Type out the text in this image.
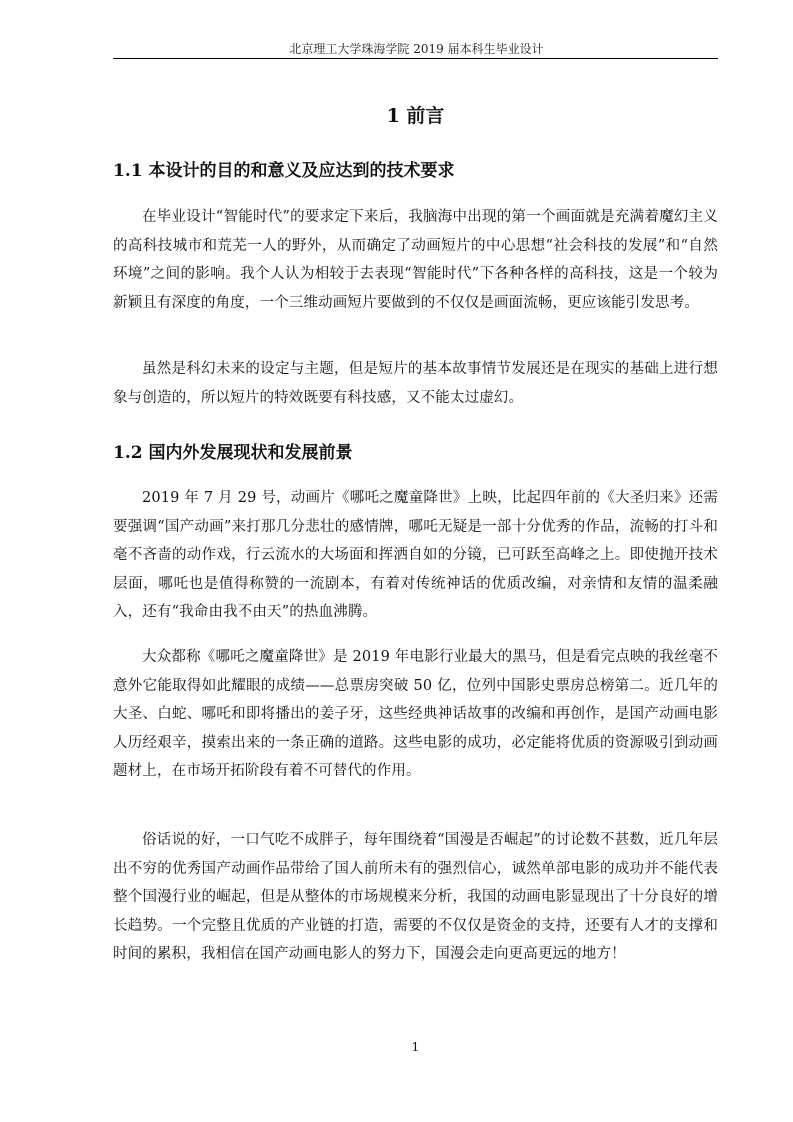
北京理工大学珠海学院 2019 届本科生毕业设计
1 前言
1.1 本设计的目的和意义及应达到的技术要求

在毕业设计“智能时代”的要求定下来后，我脑海中出现的第一个画面就是充满着魔幻主义的高科技城市和荒芜一人的野外，从而确定了动画短片的中心思想“社会科技的发展”和“自然环境”之间的影响。我个人认为相较于去表现“智能时代”下各种各样的高科技，这是一个较为新颖且有深度的角度，一个三维动画短片要做到的不仅仅是画面流畅，更应该能引发思考。

虽然是科幻未来的设定与主题，但是短片的基本故事情节发展还是在现实的基础上进行想象与创造的，所以短片的特效既要有科技感，又不能太过虚幻。

1.2 国内外发展现状和发展前景

2019 年 7 月 29 号，动画片《哪吒之魔童降世》上映，比起四年前的《大圣归来》还需要强调“国产动画”来打那几分悲壮的感情牌，哪吒无疑是一部十分优秀的作品，流畅的打斗和毫不吝啬的动作戏，行云流水的大场面和挥洒自如的分镜，已可跃至高峰之上。即使抛开技术层面，哪吒也是值得称赞的一流剧本，有着对传统神话的优质改编，对亲情和友情的温柔融入，还有“我命由我不由天”的热血沸腾。

大众都称《哪吒之魔童降世》是 2019 年电影行业最大的黑马，但是看完点映的我丝毫不意外它能取得如此耀眼的成绩——总票房突破 50 亿，位列中国影史票房总榜第二。近几年的大圣、白蛇、哪吒和即将播出的姜子牙，这些经典神话故事的改编和再创作，是国产动画电影人历经艰辛，摸索出来的一条正确的道路。这些电影的成功，必定能将优质的资源吸引到动画题材上，在市场开拓阶段有着不可替代的作用。

俗话说的好，一口气吃不成胖子，每年围绕着“国漫是否崛起”的讨论数不甚数，近几年层出不穷的优秀国产动画作品带给了国人前所未有的强烈信心，诚然单部电影的成功并不能代表整个国漫行业的崛起，但是从整体的市场规模来分析，我国的动画电影显现出了十分良好的增长趋势。一个完整且优质的产业链的打造，需要的不仅仅是资金的支持，还要有人才的支撑和时间的累积，我相信在国产动画电影人的努力下，国漫会走向更高更远的地方！

1
